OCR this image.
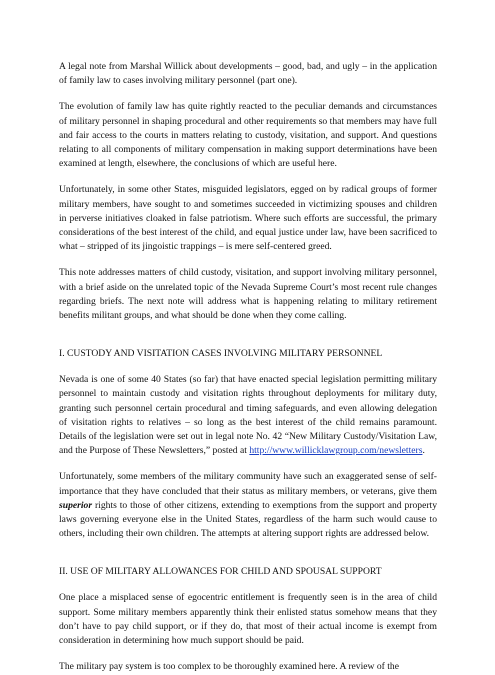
A legal note from Marshal Willick about developments – good, bad, and ugly – in the application of family law to cases involving military personnel (part one).

The evolution of family law has quite rightly reacted to the peculiar demands and circumstances of military personnel in shaping procedural and other requirements so that members may have full and fair access to the courts in matters relating to custody, visitation, and support. And questions relating to all components of military compensation in making support determinations have been examined at length, elsewhere, the conclusions of which are useful here.

Unfortunately, in some other States, misguided legislators, egged on by radical groups of former military members, have sought to and sometimes succeeded in victimizing spouses and children in perverse initiatives cloaked in false patriotism. Where such efforts are successful, the primary considerations of the best interest of the child, and equal justice under law, have been sacrificed to what – stripped of its jingoistic trappings – is mere self-centered greed.

This note addresses matters of child custody, visitation, and support involving military personnel, with a brief aside on the unrelated topic of the Nevada Supreme Court’s most recent rule changes regarding briefs. The next note will address what is happening relating to military retirement benefits militant groups, and what should be done when they come calling.

I. CUSTODY AND VISITATION CASES INVOLVING MILITARY PERSONNEL

Nevada is one of some 40 States (so far) that have enacted special legislation permitting military personnel to maintain custody and visitation rights throughout deployments for military duty, granting such personnel certain procedural and timing safeguards, and even allowing delegation of visitation rights to relatives – so long as the best interest of the child remains paramount. Details of the legislation were set out in legal note No. 42 “New Military Custody/Visitation Law, and the Purpose of These Newsletters,” posted at http://www.willicklawgroup.com/newsletters.

Unfortunately, some members of the military community have such an exaggerated sense of self-importance that they have concluded that their status as military members, or veterans, give them superior rights to those of other citizens, extending to exemptions from the support and property laws governing everyone else in the United States, regardless of the harm such would cause to others, including their own children. The attempts at altering support rights are addressed below.

II. USE OF MILITARY ALLOWANCES FOR CHILD AND SPOUSAL SUPPORT

One place a misplaced sense of egocentric entitlement is frequently seen is in the area of child support. Some military members apparently think their enlisted status somehow means that they don’t have to pay child support, or if they do, that most of their actual income is exempt from consideration in determining how much support should be paid.

The military pay system is too complex to be thoroughly examined here. A review of the
